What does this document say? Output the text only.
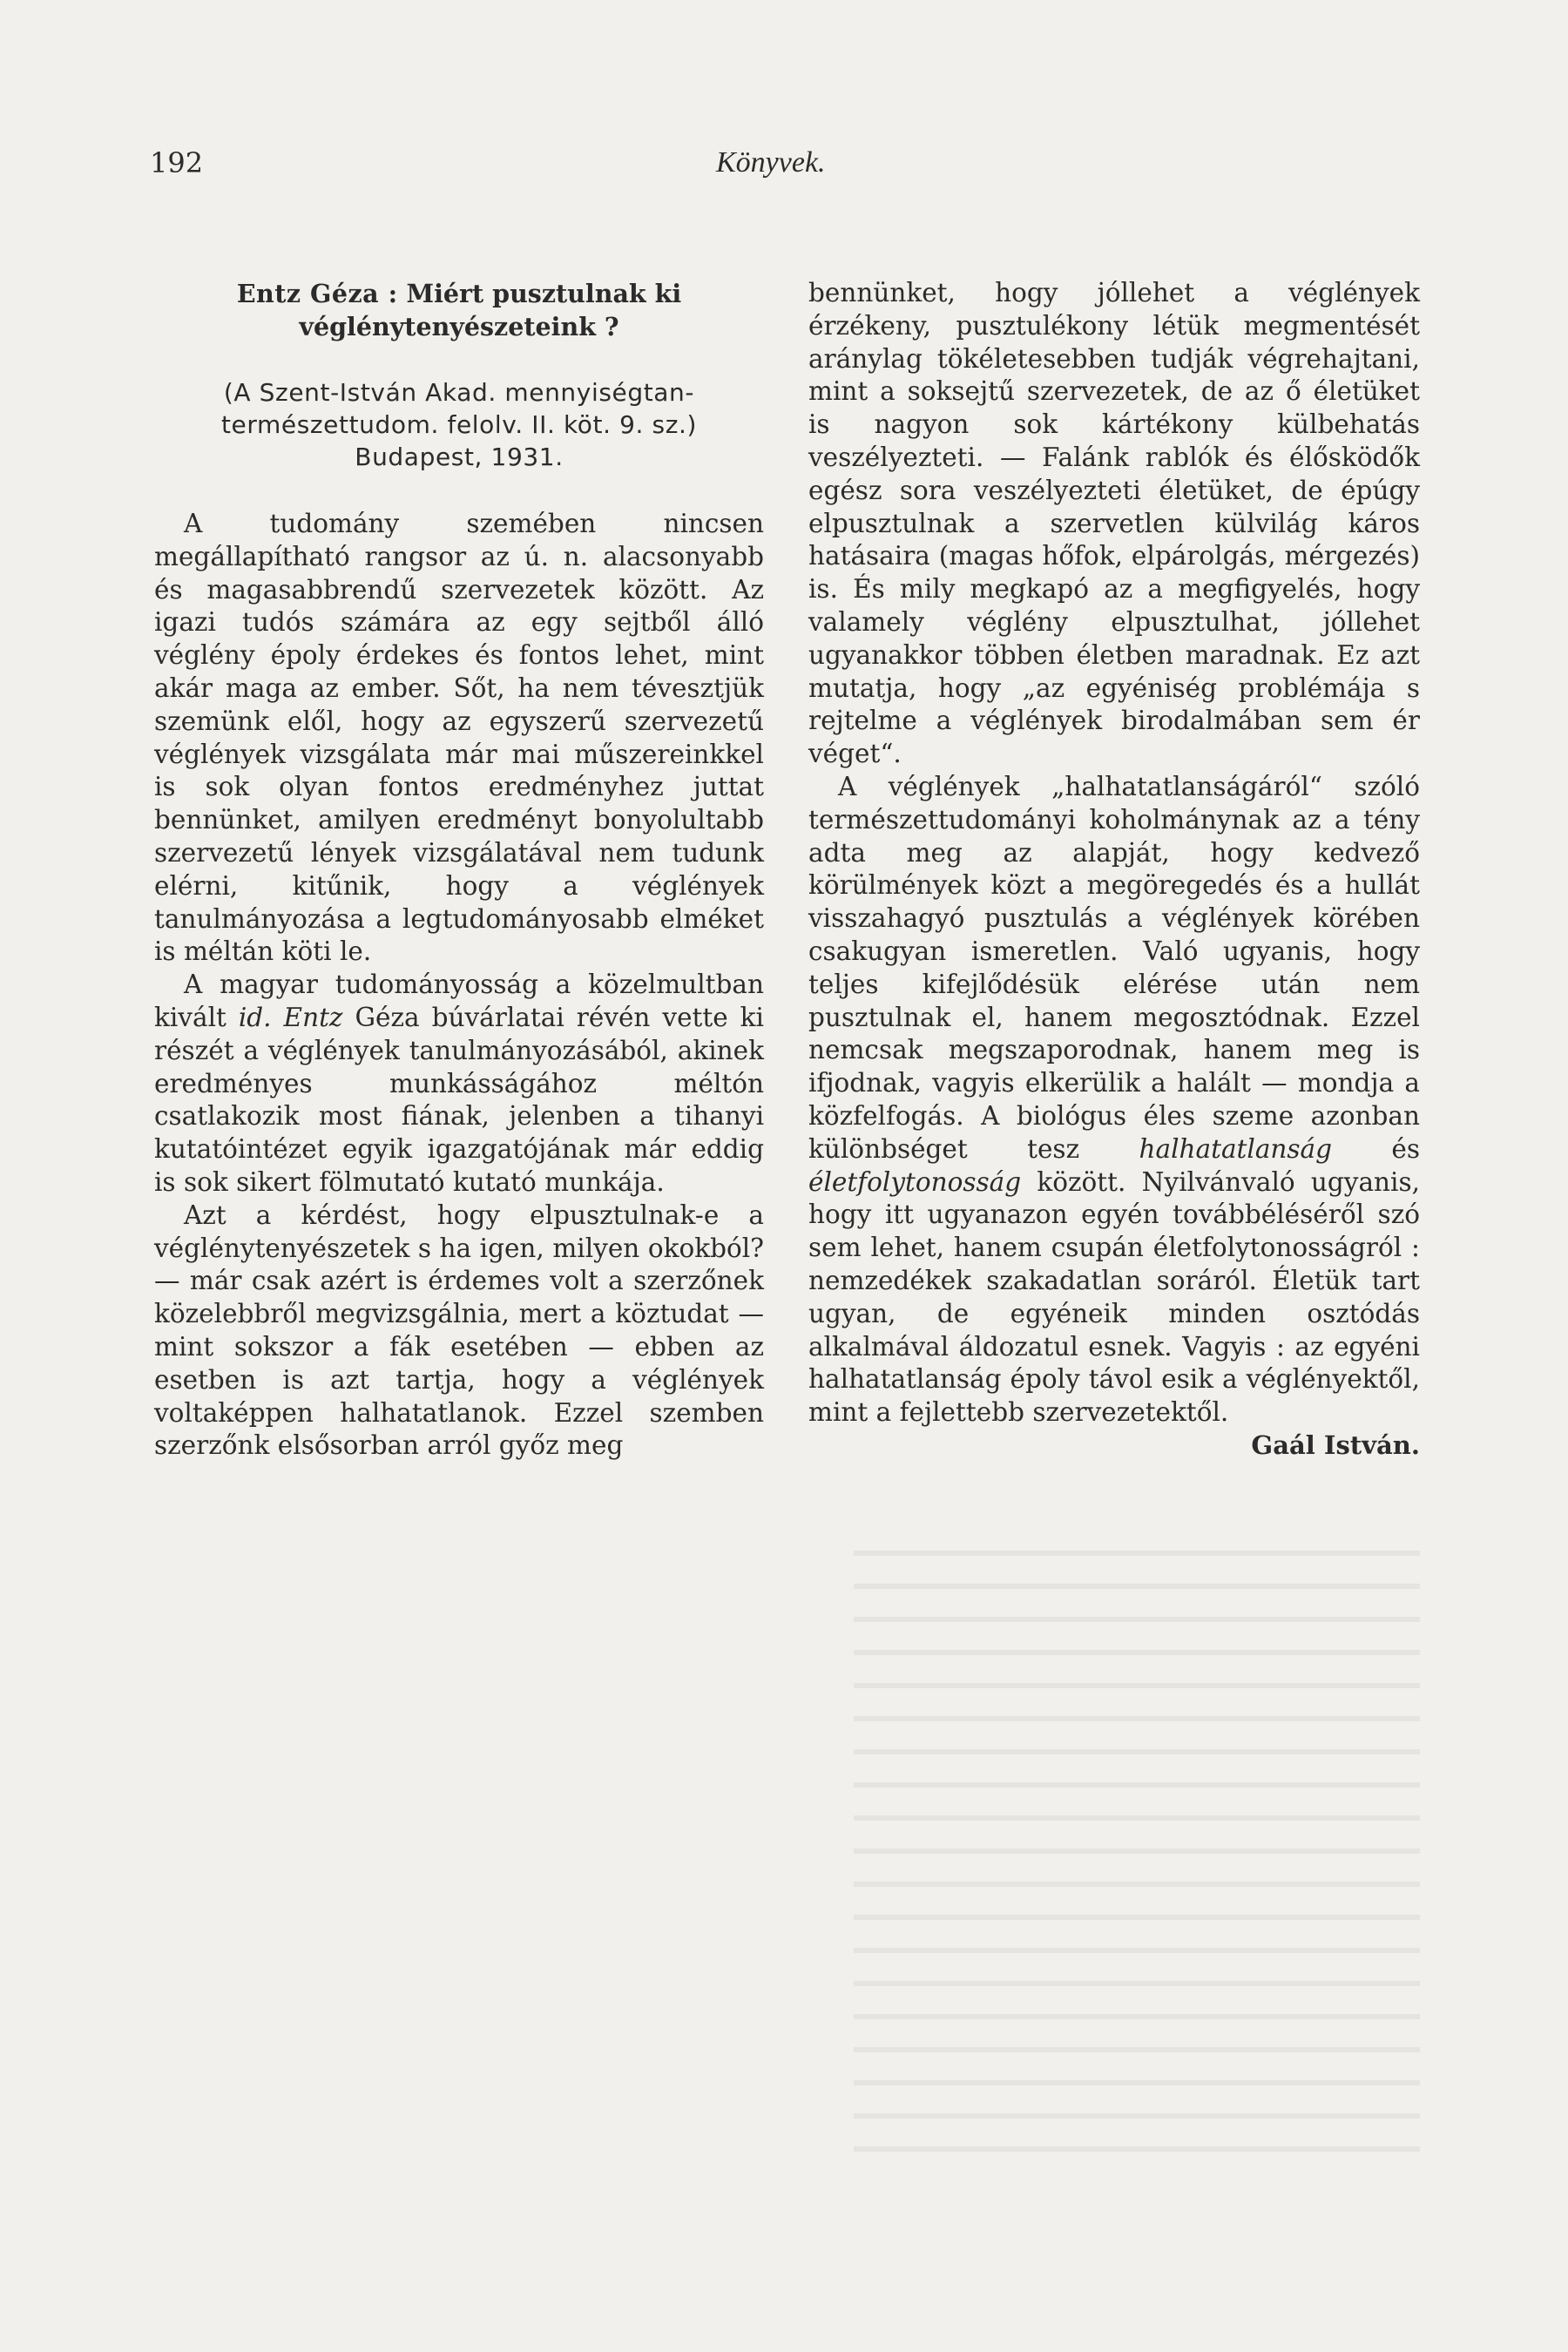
192	Könyvek.
Entz Géza : Miért pusztulnak ki
véglénytenyészeteink ?
(A Szent-István Akad. mennyiségtan-
természettudom. felolv. II. köt. 9. sz.)
Budapest, 1931.

A tudomány szemében nincsen megállapítható rangsor az ú. n. alacsonyabb és magasabbrendű szervezetek között. Az igazi tudós számára az egy sejtből álló véglény époly érdekes és fontos lehet, mint akár maga az ember. Sőt, ha nem tévesztjük szemünk elől, hogy az egyszerű szervezetű véglények vizsgálata már mai műszereinkkel is sok olyan fontos eredményhez juttat bennünket, amilyen eredményt bonyolultabb szervezetű lények vizsgálatával nem tudunk elérni, kitűnik, hogy a véglények tanulmányozása a legtudományosabb elméket is méltán köti le.

A magyar tudományosság a közelmultban kivált id. Entz Géza búvárlatai révén vette ki részét a véglények tanulmányozásából, akinek eredményes munkásságához méltón csatlakozik most fiának, jelenben a tihanyi kutatóintézet egyik igazgatójának már eddig is sok sikert fölmutató kutató munkája.

Azt a kérdést, hogy elpusztulnak-e a véglénytenyészetek s ha igen, milyen okokból? — már csak azért is érdemes volt a szerzőnek közelebbről megvizsgálnia, mert a köztudat — mint sokszor a fák esetében — ebben az esetben is azt tartja, hogy a véglények voltaképpen halhatatlanok. Ezzel szemben szerzőnk elsősorban arról győz meg

bennünket, hogy jóllehet a véglények érzékeny, pusztulékony létük megmentését aránylag tökéletesebben tudják végrehajtani, mint a soksejtű szervezetek, de az ő életüket is nagyon sok kártékony külbehatás veszélyezteti. — Falánk rablók és élősködők egész sora veszélyezteti életüket, de épúgy elpusztulnak a szervetlen külvilág káros hatásaira (magas hőfok, elpárolgás, mérgezés) is. És mily megkapó az a megfigyelés, hogy valamely véglény elpusztulhat, jóllehet ugyanakkor többen életben maradnak. Ez azt mutatja, hogy „az egyéniség problémája s rejtelme a véglények birodalmában sem ér véget“.

A véglények „halhatatlanságáról“ szóló természettudományi koholmánynak az a tény adta meg az alapját, hogy kedvező körülmények közt a megöregedés és a hullát visszahagyó pusztulás a véglények körében csakugyan ismeretlen. Való ugyanis, hogy teljes kifejlődésük elérése után nem pusztulnak el, hanem megosztódnak. Ezzel nemcsak megszaporodnak, hanem meg is ifjodnak, vagyis elkerülik a halált — mondja a közfelfogás. A biológus éles szeme azonban különbséget tesz halhatatlanság és életfolytonosság között. Nyilvánvaló ugyanis, hogy itt ugyanazon egyén továbbéléséről szó sem lehet, hanem csupán életfolytonosságról : nemzedékek szakadatlan soráról. Életük tart ugyan, de egyéneik minden osztódás alkalmával áldozatul esnek. Vagyis : az egyéni halhatatlanság époly távol esik a véglényektől, mint a fejlettebb szervezetektől.

Gaál István.
